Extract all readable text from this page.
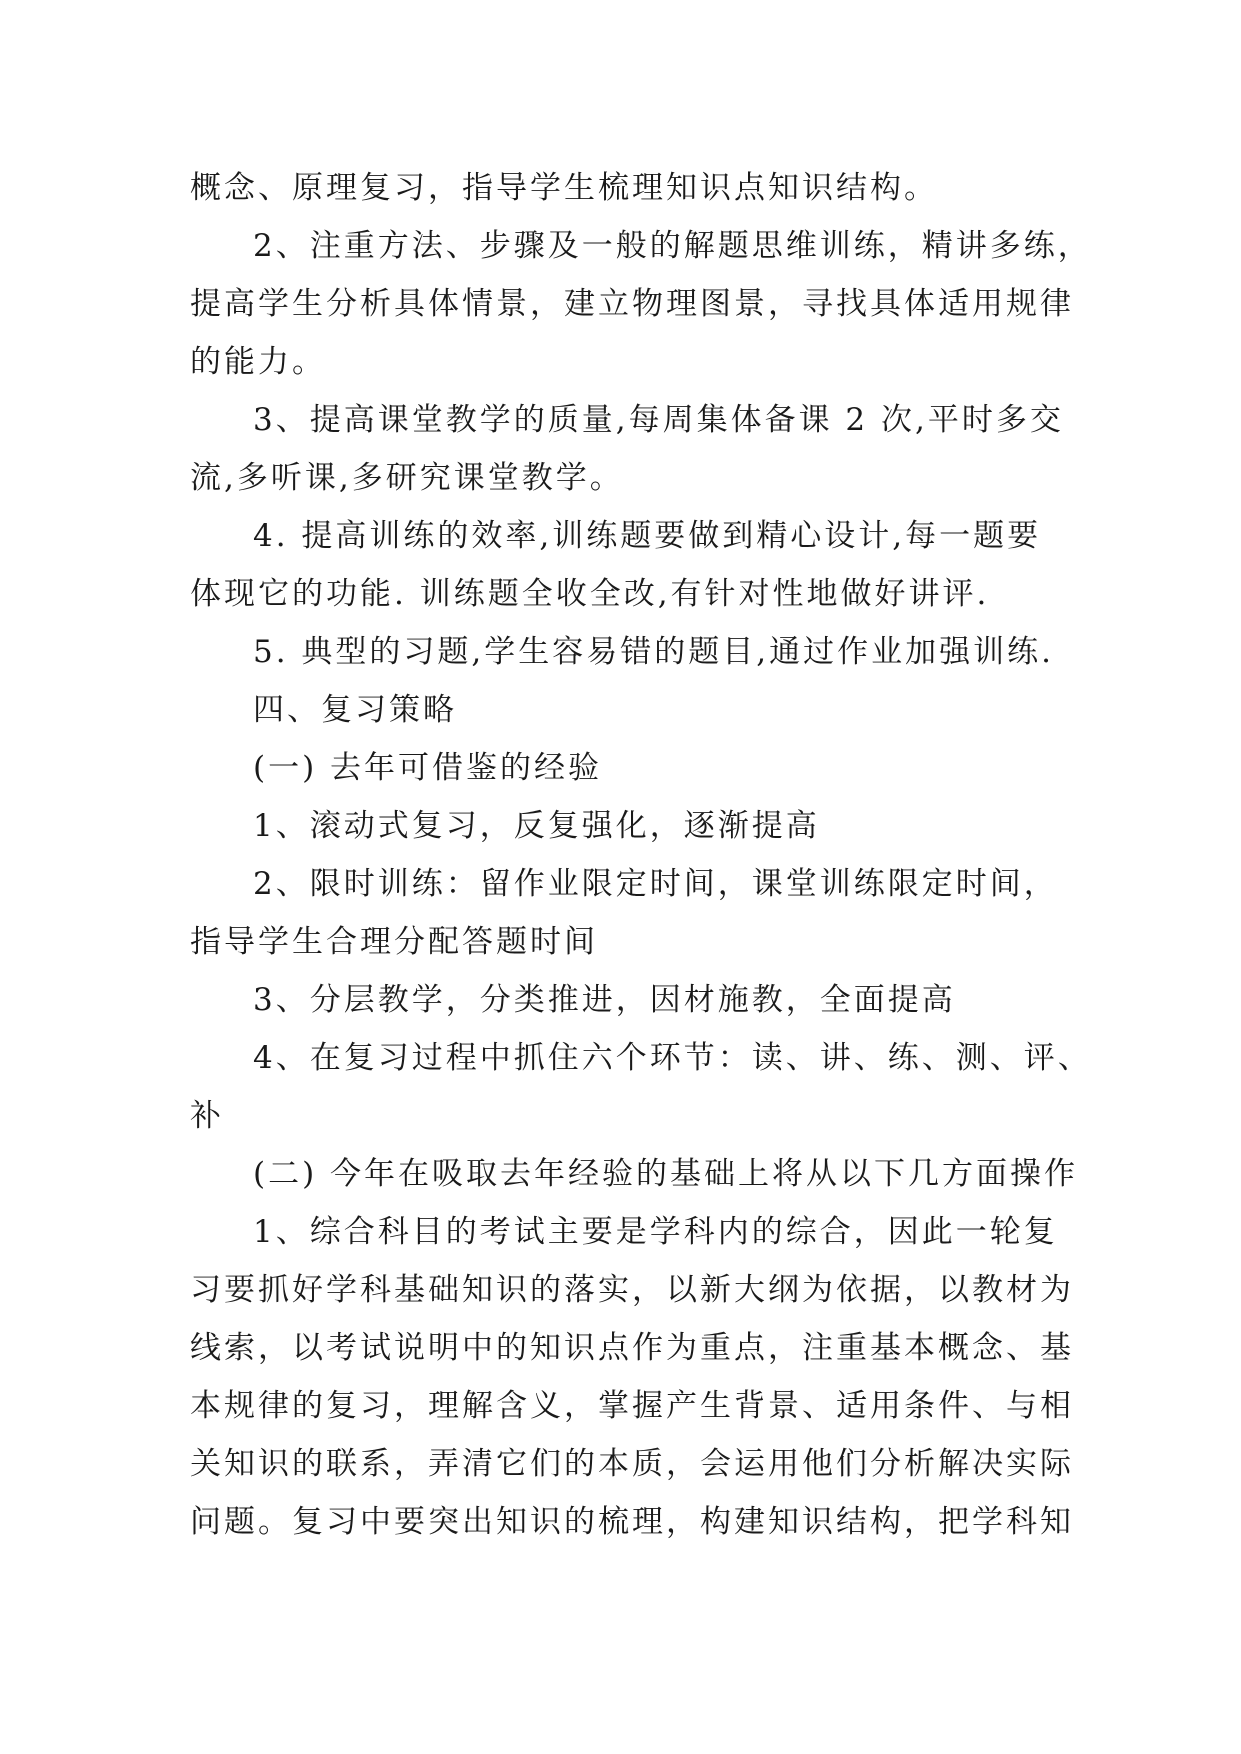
概念、原理复习，指导学生梳理知识点知识结构。
2、注重方法、步骤及一般的解题思维训练，精讲多练，
提高学生分析具体情景，建立物理图景，寻找具体适用规律
的能力。
3、提高课堂教学的质量,每周集体备课 2 次,平时多交
流,多听课,多研究课堂教学。
4. 提高训练的效率,训练题要做到精心设计,每一题要
体现它的功能. 训练题全收全改,有针对性地做好讲评.
5. 典型的习题,学生容易错的题目,通过作业加强训练.
四、复习策略
(一) 去年可借鉴的经验
1、滚动式复习，反复强化，逐渐提高
2、限时训练：留作业限定时间，课堂训练限定时间，
指导学生合理分配答题时间
3、分层教学，分类推进，因材施教，全面提高
4、在复习过程中抓住六个环节：读、讲、练、测、评、
补
(二) 今年在吸取去年经验的基础上将从以下几方面操作
1、综合科目的考试主要是学科内的综合，因此一轮复
习要抓好学科基础知识的落实，以新大纲为依据，以教材为
线索，以考试说明中的知识点作为重点，注重基本概念、基
本规律的复习，理解含义，掌握产生背景、适用条件、与相
关知识的联系，弄清它们的本质，会运用他们分析解决实际
问题。复习中要突出知识的梳理，构建知识结构，把学科知
